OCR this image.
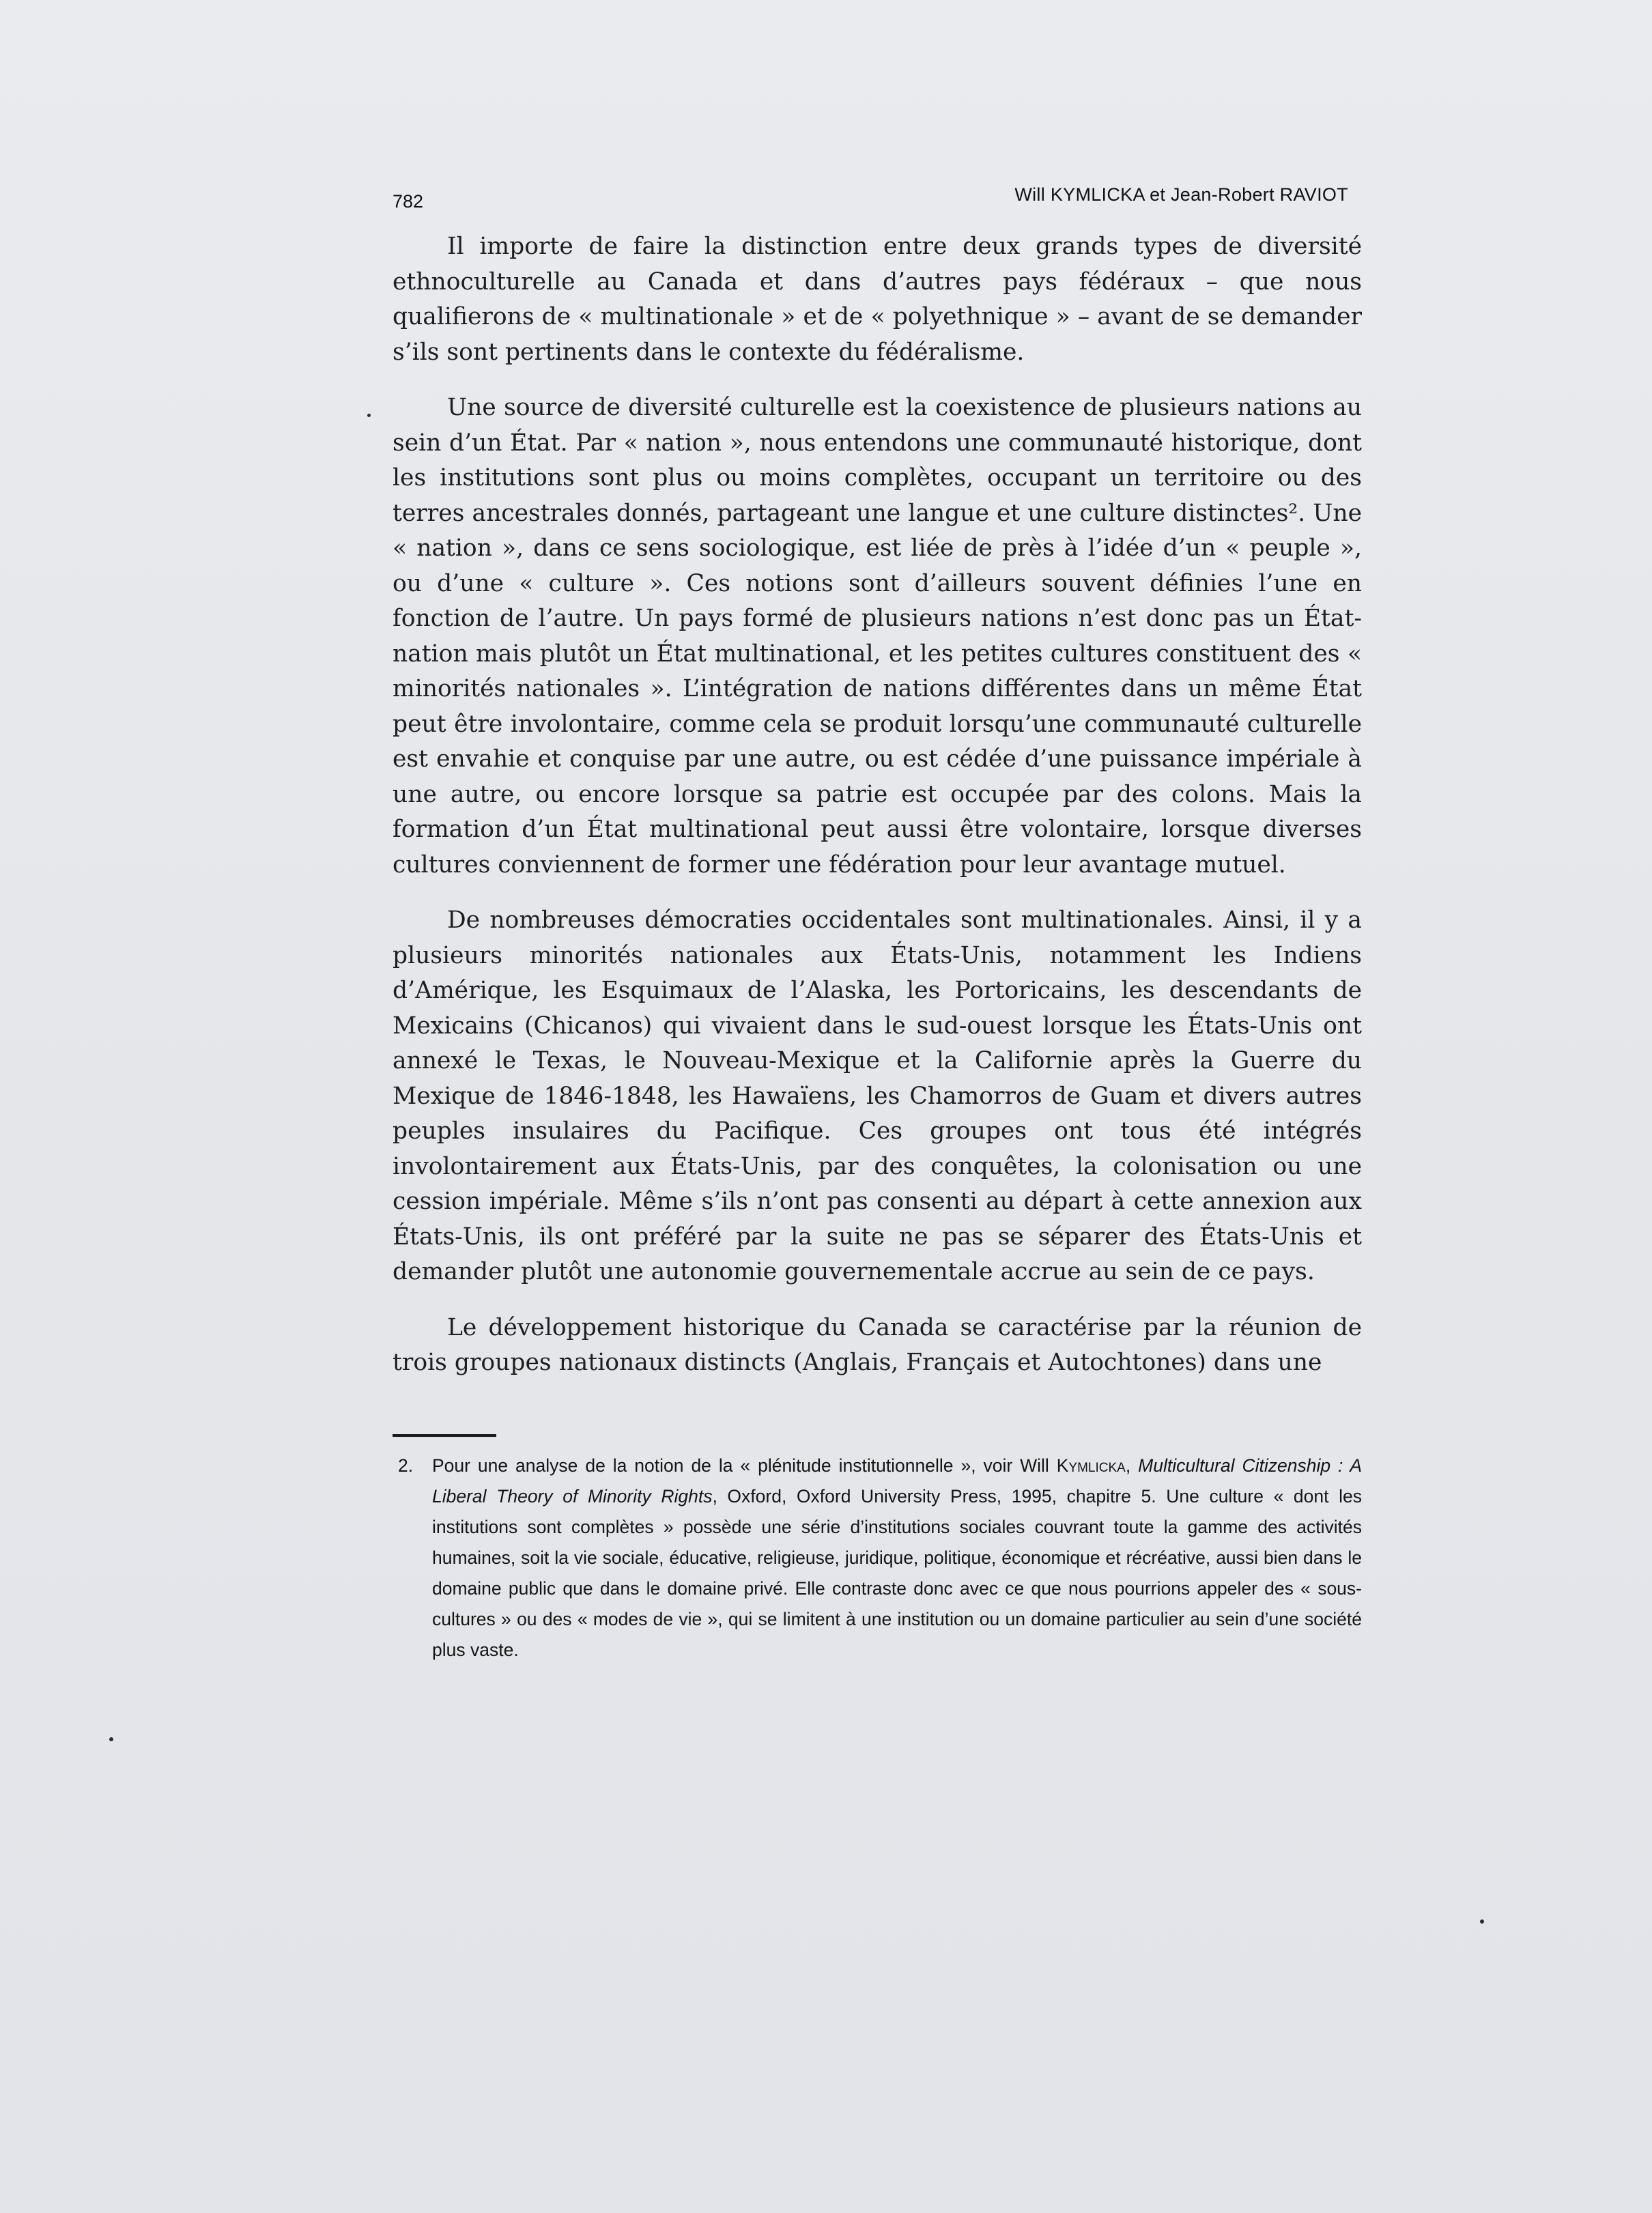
782	Will KYMLICKA et Jean-Robert RAVIOT

Il importe de faire la distinction entre deux grands types de diversité ethnoculturelle au Canada et dans d’autres pays fédéraux – que nous qualifierons de « multinationale » et de « polyethnique » – avant de se demander s’ils sont pertinents dans le contexte du fédéralisme.

Une source de diversité culturelle est la coexistence de plusieurs nations au sein d’un État. Par « nation », nous entendons une communauté historique, dont les institutions sont plus ou moins complètes, occupant un territoire ou des terres ancestrales donnés, partageant une langue et une culture distinctes². Une « nation », dans ce sens sociologique, est liée de près à l’idée d’un « peuple », ou d’une « culture ». Ces notions sont d’ailleurs souvent définies l’une en fonction de l’autre. Un pays formé de plusieurs nations n’est donc pas un État-nation mais plutôt un État multinational, et les petites cultures constituent des « minorités nationales ». L’intégration de nations différentes dans un même État peut être involontaire, comme cela se produit lorsqu’une communauté culturelle est envahie et conquise par une autre, ou est cédée d’une puissance impériale à une autre, ou encore lorsque sa patrie est occupée par des colons. Mais la formation d’un État multinational peut aussi être volontaire, lorsque diverses cultures conviennent de former une fédération pour leur avantage mutuel.

De nombreuses démocraties occidentales sont multinationales. Ainsi, il y a plusieurs minorités nationales aux États-Unis, notamment les Indiens d’Amérique, les Esquimaux de l’Alaska, les Portoricains, les descendants de Mexicains (Chicanos) qui vivaient dans le sud-ouest lorsque les États-Unis ont annexé le Texas, le Nouveau-Mexique et la Californie après la Guerre du Mexique de 1846-1848, les Hawaïens, les Chamorros de Guam et divers autres peuples insulaires du Pacifique. Ces groupes ont tous été intégrés involontairement aux États-Unis, par des conquêtes, la colonisation ou une cession impériale. Même s’ils n’ont pas consenti au départ à cette annexion aux États-Unis, ils ont préféré par la suite ne pas se séparer des États-Unis et demander plutôt une autonomie gouvernementale accrue au sein de ce pays.

Le développement historique du Canada se caractérise par la réunion de trois groupes nationaux distincts (Anglais, Français et Autochtones) dans une

2. Pour une analyse de la notion de la « plénitude institutionnelle », voir Will Kymlicka, Multicultural Citizenship : A Liberal Theory of Minority Rights, Oxford, Oxford University Press, 1995, chapitre 5. Une culture « dont les institutions sont complètes » possède une série d’institutions sociales couvrant toute la gamme des activités humaines, soit la vie sociale, éducative, religieuse, juridique, politique, économique et récréative, aussi bien dans le domaine public que dans le domaine privé. Elle contraste donc avec ce que nous pourrions appeler des « sous-cultures » ou des « modes de vie », qui se limitent à une institution ou un domaine particulier au sein d’une société plus vaste.
